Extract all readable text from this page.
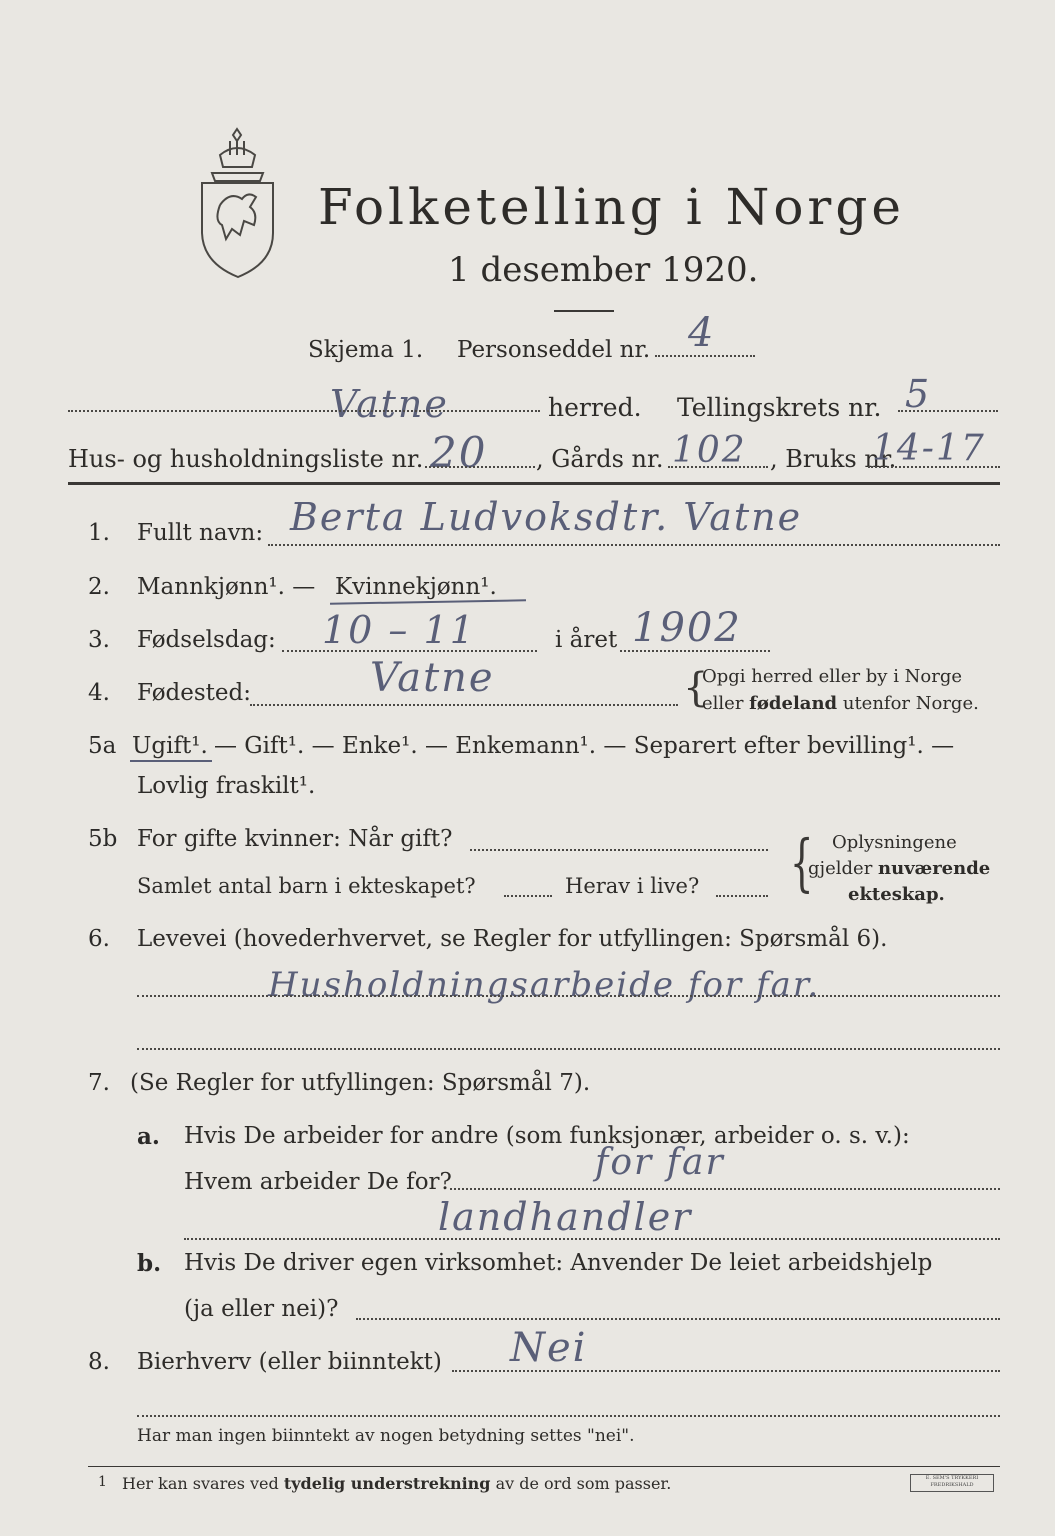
Folketelling i Norge
1 desember 1920.
Skjema 1. Personseddel nr. 4
Vatne	herred. Tellingskrets nr. 5
Hus- og husholdningsliste nr. 20 , Gårds nr. 102 , Bruks nr.
14-17
1. Fullt navn: Berta Ludvoksdtr. Vatne
2. Mannkjønn¹. — Kvinnekjønn¹.
3. Fødselsdag: 10 – 11	i året 1902
4. Fødested:	Vatne	{
Opgi herred eller by i Norge
eller fødeland utenfor Norge.
5a Ugift¹. — Gift¹. — Enke¹. — Enkemann¹. — Separert efter bevilling¹. —
Lovlig fraskilt¹.
5b For gifte kvinner: Når gift?
Samlet antal barn i ekteskapet?	Herav i live? { Oplysningene
gjelder nuværende
ekteskap.
6. Levevei (hovederhvervet, se Regler for utfyllingen: Spørsmål 6).
Husholdningsarbeide for far.
7. (Se Regler for utfyllingen: Spørsmål 7).
a. Hvis De arbeider for andre (som funksjonær, arbeider o. s. v.):
Hvem arbeider De for?	for far
landhandler
b. Hvis De driver egen virksomhet: Anvender De leiet arbeidshjelp
(ja eller nei)?
8. Bierhverv (eller biinntekt) Nei
Har man ingen biinntekt av nogen betydning settes "nei".
1 Her kan svares ved tydelig understrekning av de ord som passer.	E. SEM'S TRYKKERI FREDRIKSHALD
